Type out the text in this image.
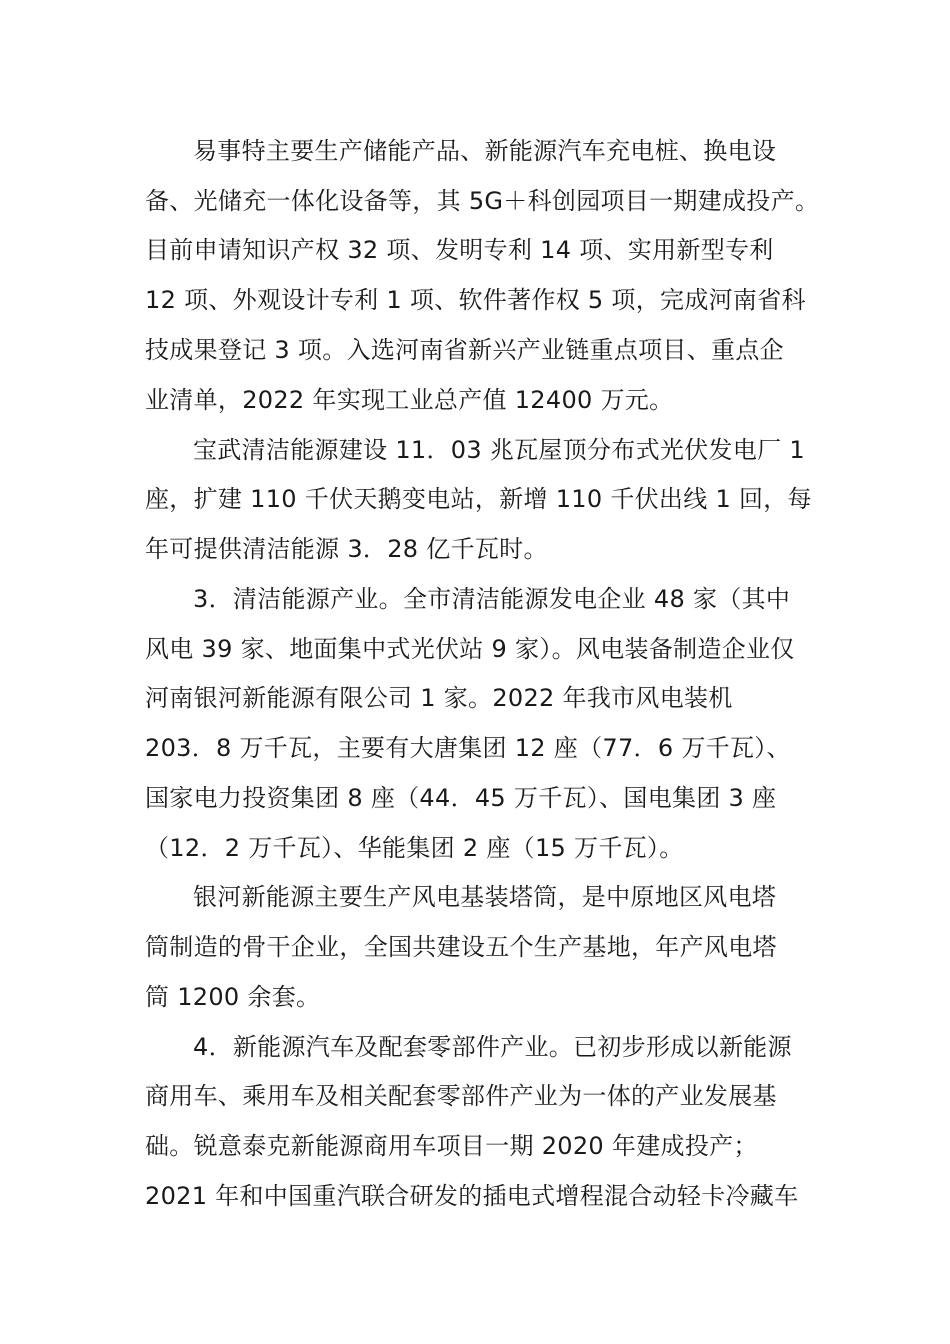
易事特主要生产储能产品、新能源汽车充电桩、换电设
备、光储充一体化设备等，其 5G＋科创园项目一期建成投产。
目前申请知识产权 32 项、发明专利 14 项、实用新型专利
12 项、外观设计专利 1 项、软件著作权 5 项，完成河南省科
技成果登记 3 项。入选河南省新兴产业链重点项目、重点企
业清单，2022 年实现工业总产值 12400 万元。
宝武清洁能源建设 11．03 兆瓦屋顶分布式光伏发电厂 1
座，扩建 110 千伏天鹅变电站，新增 110 千伏出线 1 回，每
年可提供清洁能源 3．28 亿千瓦时。
3．清洁能源产业。全市清洁能源发电企业 48 家（其中
风电 39 家、地面集中式光伏站 9 家）。风电装备制造企业仅
河南银河新能源有限公司 1 家。2022 年我市风电装机
203．8 万千瓦，主要有大唐集团 12 座（77．6 万千瓦）、
国家电力投资集团 8 座（44．45 万千瓦）、国电集团 3 座
（12．2 万千瓦）、华能集团 2 座（15 万千瓦）。
银河新能源主要生产风电基装塔筒，是中原地区风电塔
筒制造的骨干企业，全国共建设五个生产基地，年产风电塔
筒 1200 余套。
4．新能源汽车及配套零部件产业。已初步形成以新能源
商用车、乘用车及相关配套零部件产业为一体的产业发展基
础。锐意泰克新能源商用车项目一期 2020 年建成投产；
2021 年和中国重汽联合研发的插电式增程混合动轻卡冷藏车
